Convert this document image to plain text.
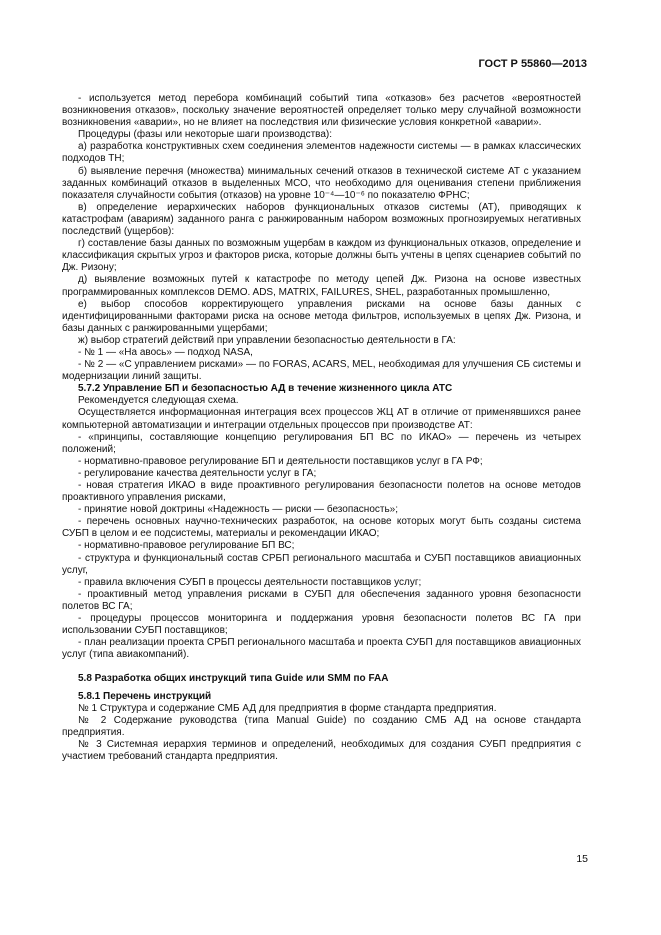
ГОСТ Р 55860—2013

- используется метод перебора комбинаций событий типа «отказов» без расчетов «вероятностей возникновения отказов», поскольку значение вероятностей определяет только меру случайной возможности возникновения «аварии», но не влияет на последствия или физические условия конкретной «аварии».

Процедуры (фазы или некоторые шаги производства):

а) разработка конструктивных схем соединения элементов надежности системы — в рамках классических подходов ТН;

б) выявление перечня (множества) минимальных сечений отказов в технической системе АТ с указанием заданных комбинаций отказов в выделенных МСО, что необходимо для оценивания степени приближения показателя случайности события (отказов) на уровне 10⁻⁴—10⁻⁶ по показателю ФРНС;

в) определение иерархических наборов функциональных отказов системы (АТ), приводящих к катастрофам (авариям) заданного ранга с ранжированным набором возможных прогнозируемых негативных последствий (ущербов):

г) составление базы данных по возможным ущербам в каждом из функциональных отказов, определение и классификация скрытых угроз и факторов риска, которые должны быть учтены в цепях сценариев событий по Дж. Ризону;

д) выявление возможных путей к катастрофе по методу цепей Дж. Ризона на основе известных программированных комплексов DEMO. ADS, MATRIX, FAILURES, SHEL, разработанных промышленно,

е) выбор способов корректирующего управления рисками на основе базы данных с идентифицированными факторами риска на основе метода фильтров, используемых в цепях Дж. Ризона, и базы данных с ранжированными ущербами;

ж) выбор стратегий действий при управлении безопасностью деятельности в ГА:

- № 1 — «На авось» — подход NASA,

- № 2 — «С управлением рисками» — по FORAS, ACARS, MEL, необходимая для улучшения СБ системы и модернизации линий защиты.

5.7.2 Управление БП и безопасностью АД в течение жизненного цикла АТС

Рекомендуется следующая схема.

Осуществляется информационная интеграция всех процессов ЖЦ АТ в отличие от применявшихся ранее компьютерной автоматизации и интеграции отдельных процессов при производстве АТ:

- «принципы, составляющие концепцию регулирования БП ВС по ИКАО» — перечень из четырех положений;

- нормативно-правовое регулирование БП и деятельности поставщиков услуг в ГА РФ;

- регулирование качества деятельности услуг в ГА;

- новая стратегия ИКАО в виде проактивного регулирования безопасности полетов на основе методов проактивного управления рисками,

- принятие новой доктрины «Надежность — риски — безопасность»;

- перечень основных научно-технических разработок, на основе которых могут быть созданы система СУБП в целом и ее подсистемы, материалы и рекомендации ИКАО;

- нормативно-правовое регулирование БП ВС;

- структура и функциональный состав СРБП регионального масштаба и СУБП поставщиков авиационных услуг,

- правила включения СУБП в процессы деятельности поставщиков услуг;

- проактивный метод управления рисками в СУБП для обеспечения заданного уровня безопасности полетов ВС ГА;

- процедуры процессов мониторинга и поддержания уровня безопасности полетов ВС ГА при использовании СУБП поставщиков;

- план реализации проекта СРБП регионального масштаба и проекта СУБП для поставщиков авиационных услуг (типа авиакомпаний).

5.8 Разработка общих инструкций типа Guide или SMM по FAA
5.8.1 Перечень инструкций

№ 1 Структура и содержание СМБ АД для предприятия в форме стандарта предприятия.

№ 2 Содержание руководства (типа Manual Guide) по созданию СМБ АД на основе стандарта предприятия.

№ 3 Системная иерархия терминов и определений, необходимых для создания СУБП предприятия с участием требований стандарта предприятия.

15
